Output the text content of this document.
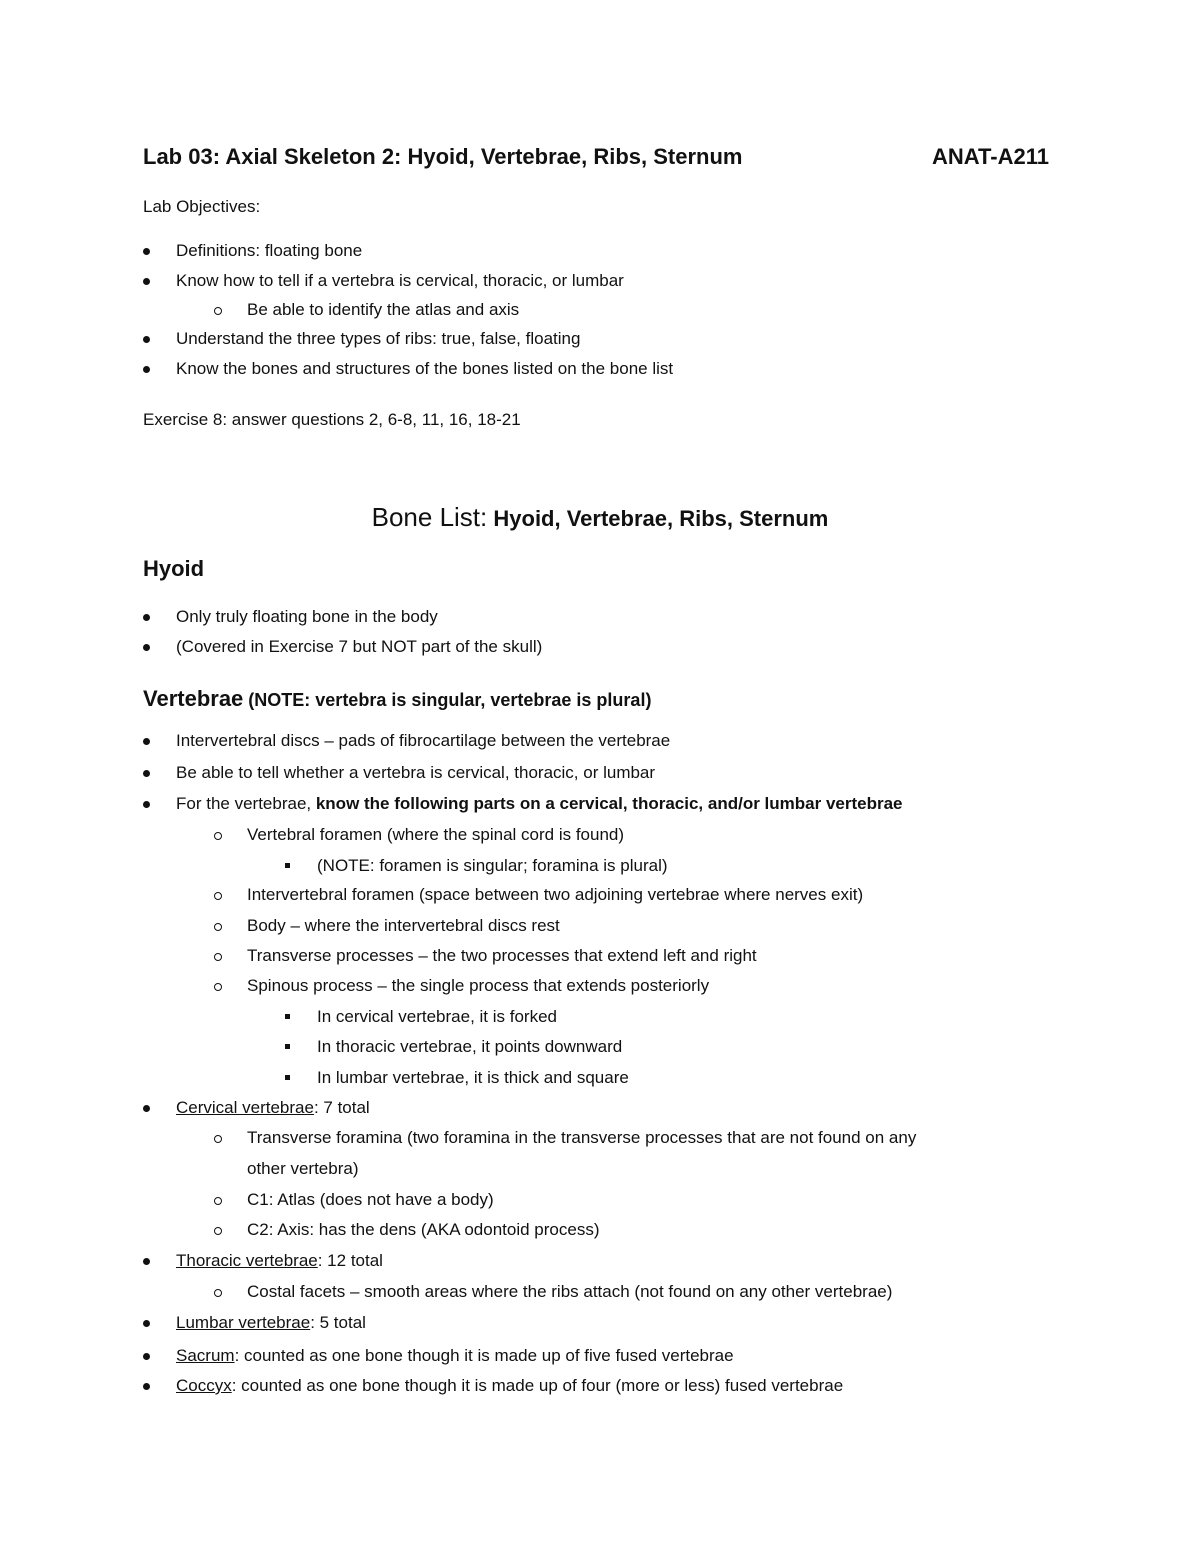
Lab 03: Axial Skeleton 2: Hyoid, Vertebrae, Ribs, Sternum	ANAT-A211
Lab Objectives:
Definitions: floating bone
Know how to tell if a vertebra is cervical, thoracic, or lumbar
Be able to identify the atlas and axis
Understand the three types of ribs: true, false, floating
Know the bones and structures of the bones listed on the bone list
Exercise 8: answer questions 2, 6-8, 11, 16, 18-21
Bone List: Hyoid, Vertebrae, Ribs, Sternum
Hyoid
Only truly floating bone in the body
(Covered in Exercise 7 but NOT part of the skull)
Vertebrae (NOTE: vertebra is singular, vertebrae is plural)
Intervertebral discs – pads of fibrocartilage between the vertebrae
Be able to tell whether a vertebra is cervical, thoracic, or lumbar
For the vertebrae, know the following parts on a cervical, thoracic, and/or lumbar vertebrae
Vertebral foramen (where the spinal cord is found)
(NOTE: foramen is singular; foramina is plural)
Intervertebral foramen (space between two adjoining vertebrae where nerves exit)
Body – where the intervertebral discs rest
Transverse processes – the two processes that extend left and right
Spinous process – the single process that extends posteriorly
In cervical vertebrae, it is forked
In thoracic vertebrae, it points downward
In lumbar vertebrae, it is thick and square
Cervical vertebrae: 7 total
Transverse foramina (two foramina in the transverse processes that are not found on any
other vertebra)
C1: Atlas (does not have a body)
C2: Axis: has the dens (AKA odontoid process)
Thoracic vertebrae: 12 total
Costal facets – smooth areas where the ribs attach (not found on any other vertebrae)
Lumbar vertebrae: 5 total
Sacrum: counted as one bone though it is made up of five fused vertebrae
Coccyx: counted as one bone though it is made up of four (more or less) fused vertebrae
